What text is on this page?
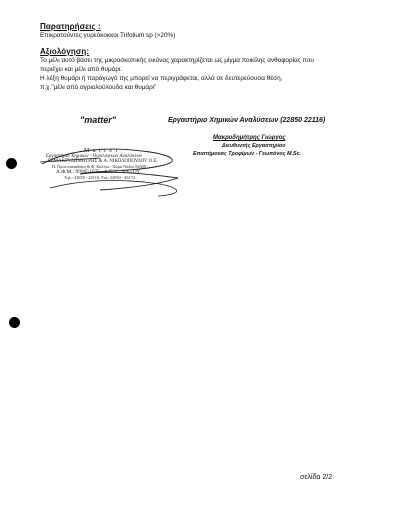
Παρατηρήσεις :
Επικρατούντες γυρεόκοκκοι Trifolium sp (>20%)
Αξιολόγηση:
Το μέλι αυτό βάσει της μικροσκοπικής εικόνας χαρακτηρίζεται ως μίγμα ποικίλης ανθοφορίας που
περιέχει και μέλι από θυμάρι.
Η λέξη θυμάρι ή παράγωγό της μπορεί να περιγράφεται, αλλά σε δευτερεύουσα θέση,
π.χ."μέλι από αγριολούλουδα και θυμάρι"
"matter"	Εργαστήριο Χημικών Αναλύσεων (22850 22116)
Μακρυδημήτρης Γιώργος
Διευθυντής Εργαστηρίου
Επιστήμονας Τροφίμων - Γεωπόνος M.Sc.
M a t t e r
Εργαστήριο Χημικών - Οινολογικών Αναλύσεων
ΓΙ.ΜΑΚΡΥΔΗΜΗΤΡΗΣ & Α. ΝΙΚΟΛΟΠΟΥΛΟΥ Ο.Ε.
Π. Πρωτοπαπαδάκη & Φ. Καλλία - Χώρα Νάξου 84300
Α.Φ.Μ.: 999651675 - Δ.Ο.Υ.: ΝΑΞΟΥ
Τηλ.: 22850 - 22116, Fax: 22850 - 26174
σελίδα 2/2
